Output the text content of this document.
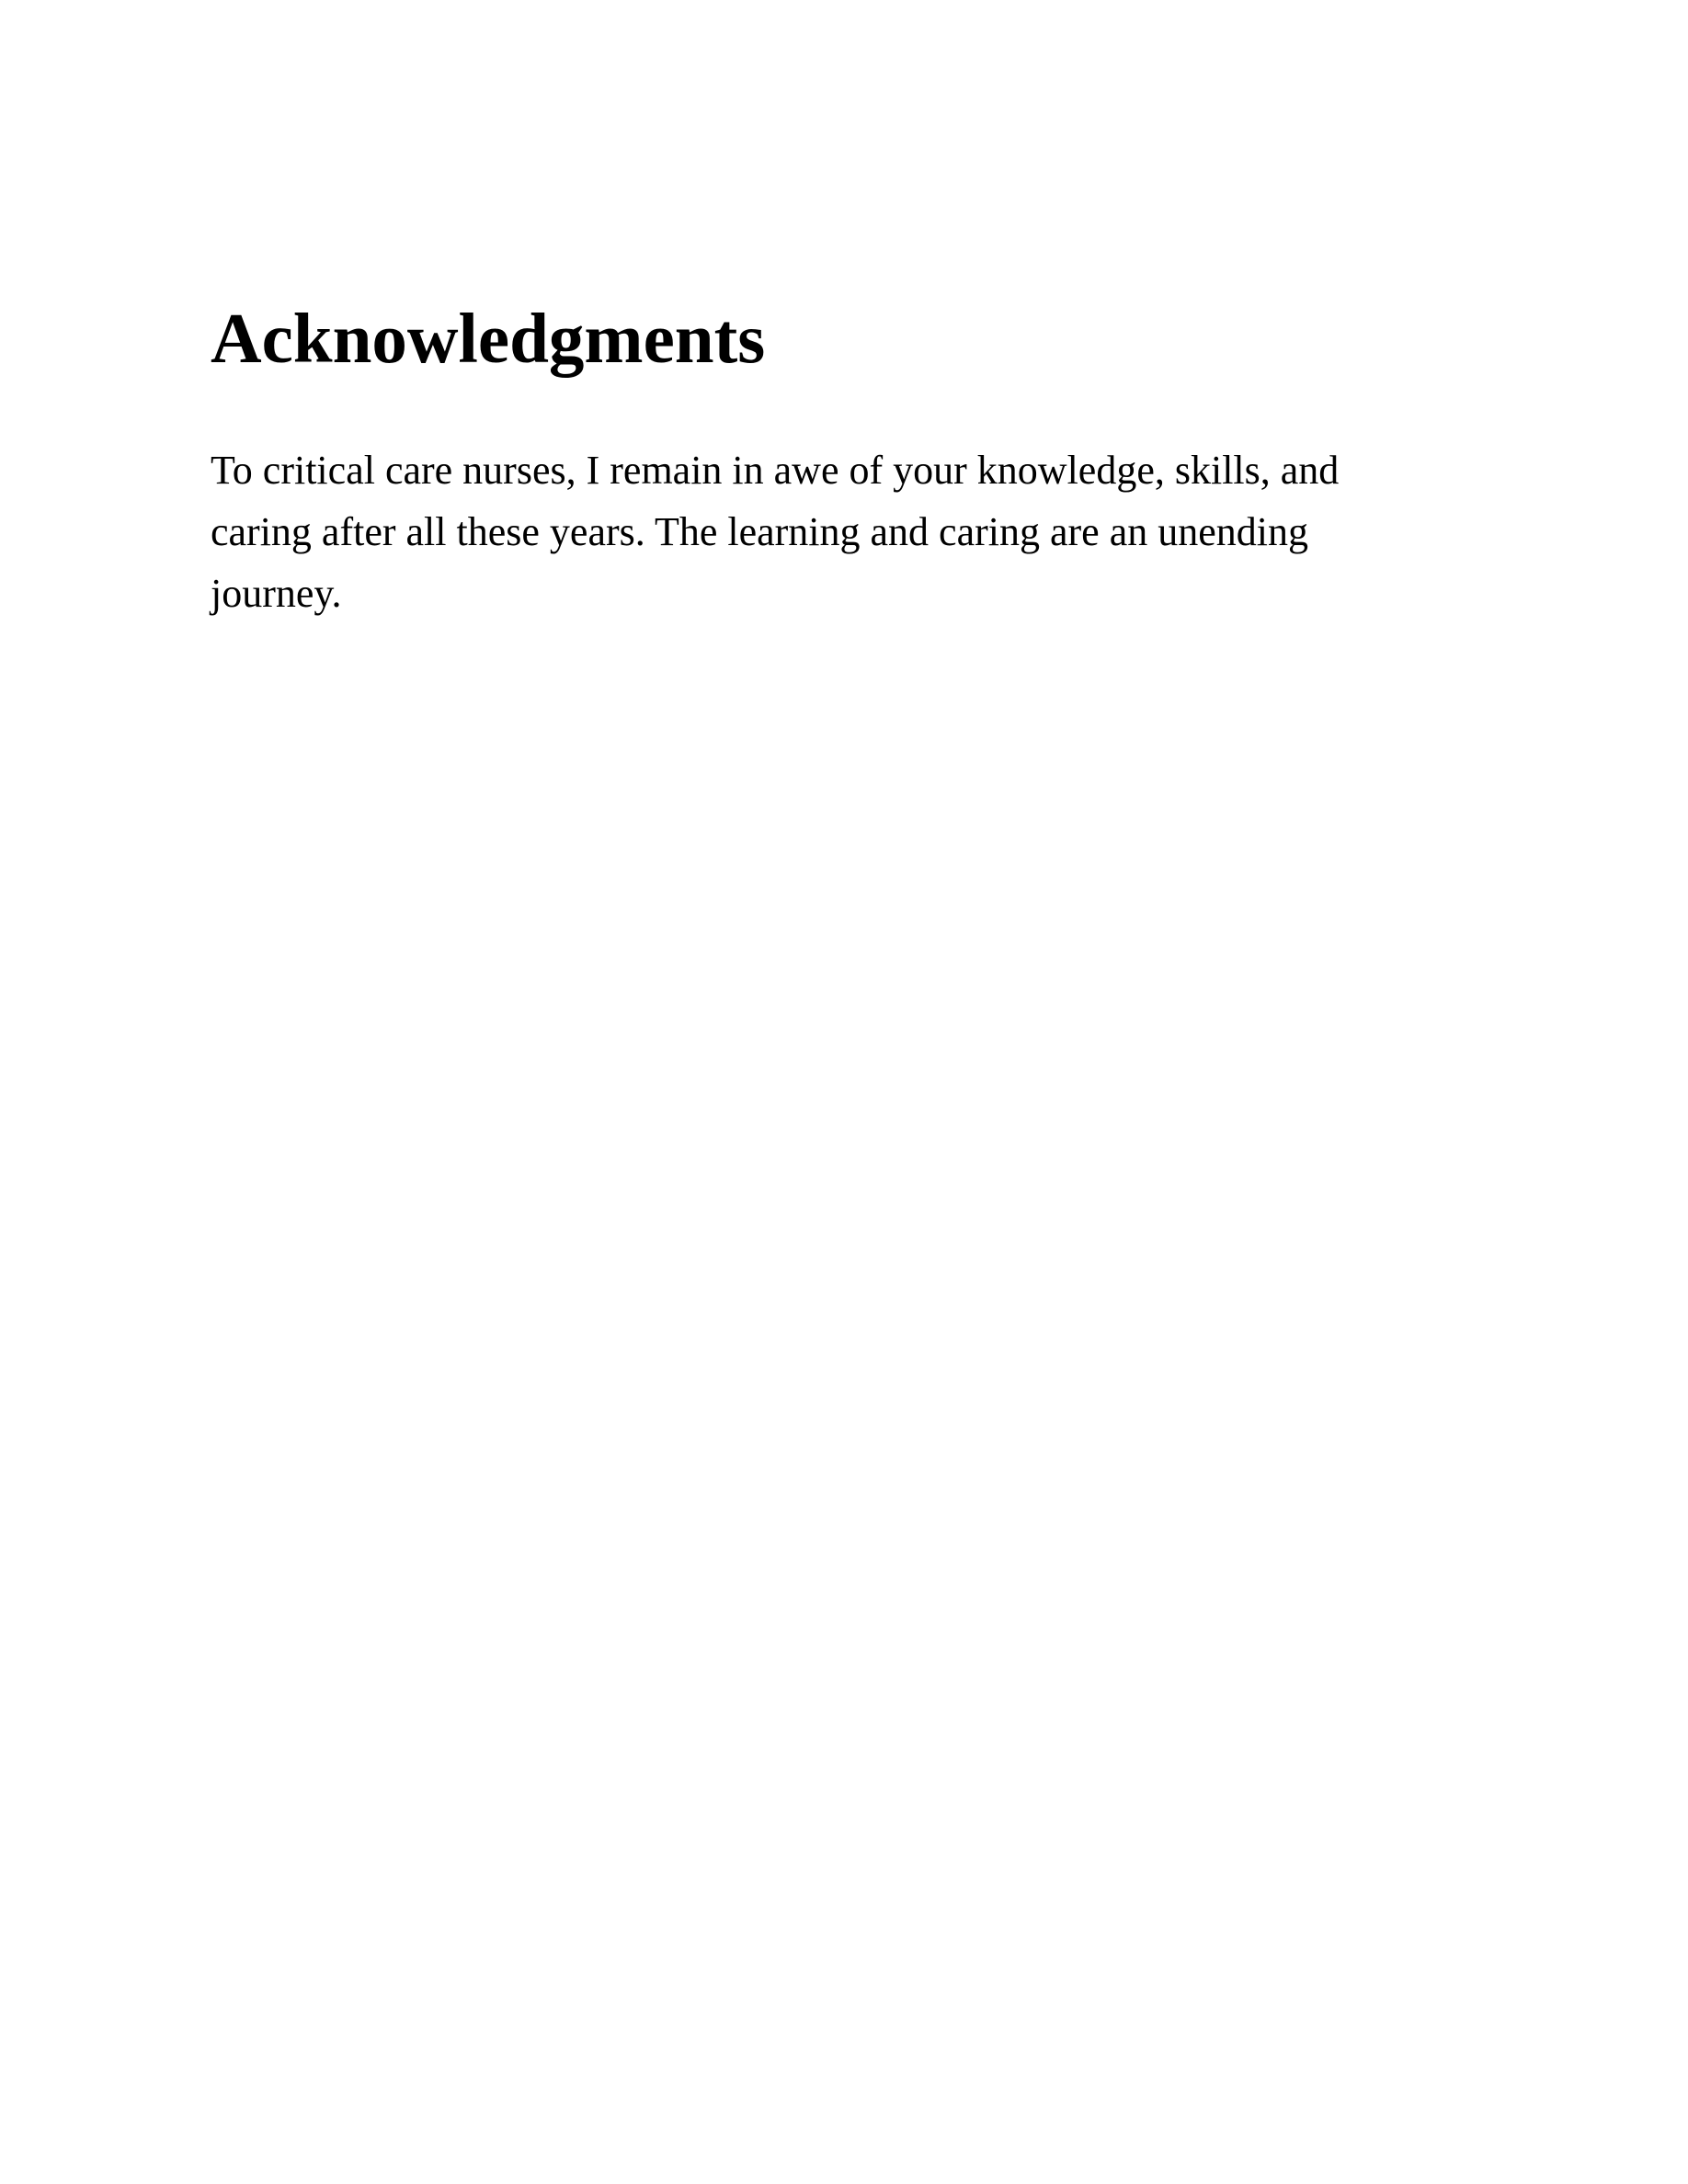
Acknowledgments

To critical care nurses, I remain in awe of your knowledge, skills, and caring after all these years. The learning and caring are an unending journey.
